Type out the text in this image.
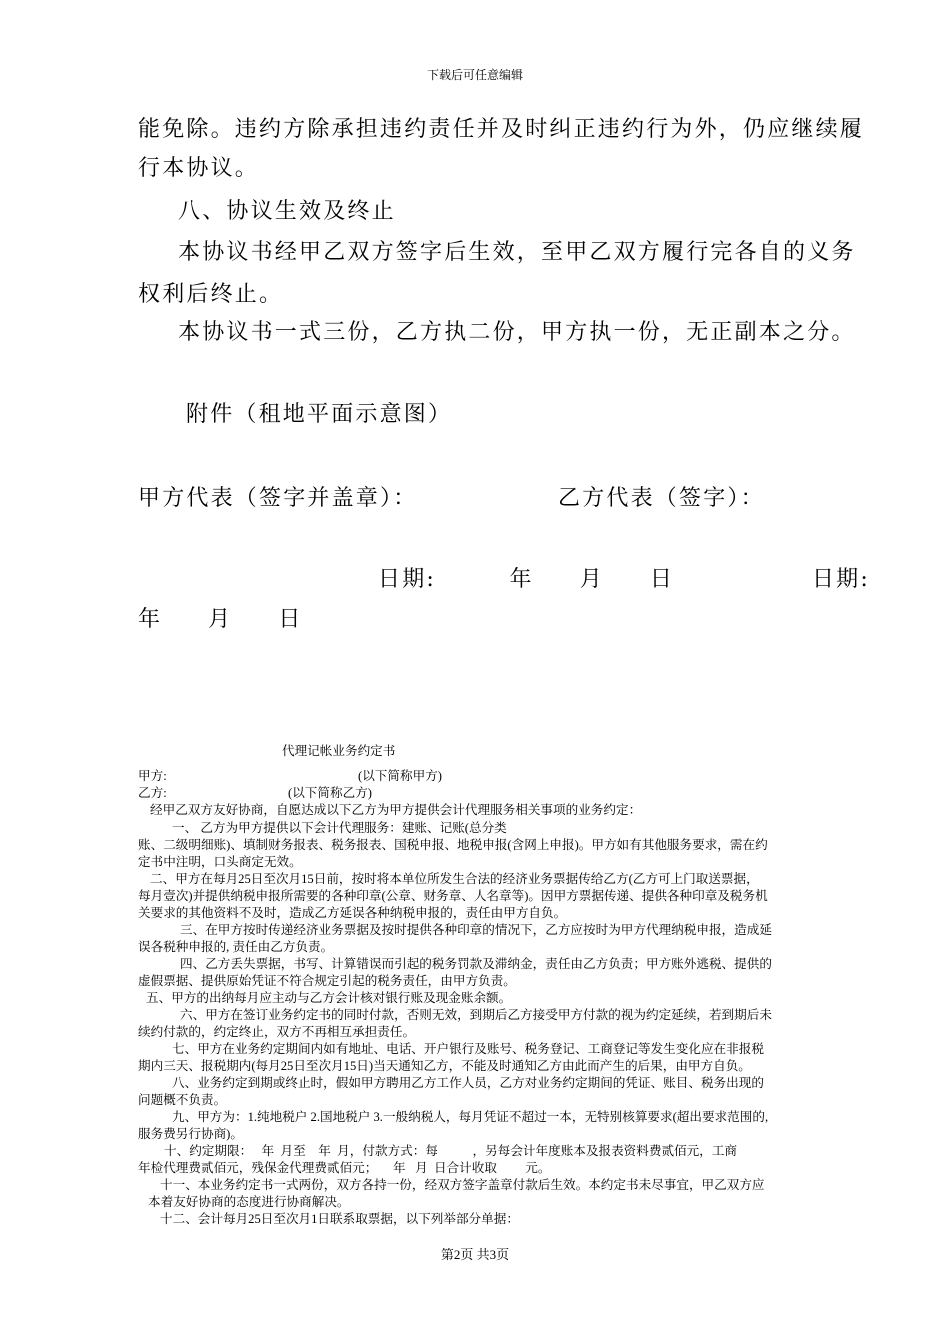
下载后可任意编辑
能免除。违约方除承担违约责任并及时纠正违约行为外，仍应继续履
行本协议。
八、协议生效及终止
本协议书经甲乙双方签字后生效，至甲乙双方履行完各自的义务
权利后终止。
本协议书一式三份，乙方执二份，甲方执一份，无正副本之分。
附件（租地平面示意图）
甲方代表（签字并盖章）：	乙方代表（签字）：
日期:        年     月     日               日期:
年     月     日
代理记帐业务约定书
甲方:	(以下简称甲方)
乙方:	(以下简称乙方)
经甲乙双方友好协商，自愿达成以下乙方为甲方提供会计代理服务相关事项的业务约定：
一、 乙方为甲方提供以下会计代理服务：建账、记账(总分类
账、二级明细账)、填制财务报表、税务报表、国税申报、地税申报(含网上申报)。甲方如有其他服务要求，需在约
定书中注明，口头商定无效。
二、甲方在每月25日至次月15日前，按时将本单位所发生合法的经济业务票据传给乙方(乙方可上门取送票据，
每月壹次)并提供纳税申报所需要的各种印章(公章、财务章、人名章等)。因甲方票据传递、提供各种印章及税务机
关要求的其他资料不及时，造成乙方延误各种纳税申报的，责任由甲方自负。
三、在甲方按时传递经济业务票据及按时提供各种印章的情况下，乙方应按时为甲方代理纳税申报，造成延
误各税种申报的, 责任由乙方负责。
四、乙方丢失票据，书写、计算错误而引起的税务罚款及滞纳金，责任由乙方负责；甲方账外逃税、提供的
虚假票据、提供原始凭证不符合规定引起的税务责任，由甲方负责。
五、甲方的出纳每月应主动与乙方会计核对银行账及现金账余额。
六、甲方在签订业务约定书的同时付款，否则无效，到期后乙方接受甲方付款的视为约定延续，若到期后未
续约付款的，约定终止，双方不再相互承担责任。
七、甲方在业务约定期间内如有地址、电话、开户银行及账号、税务登记、工商登记等发生变化应在非报税
期内三天、报税期内(每月25日至次月15日)当天通知乙方，不能及时通知乙方由此而产生的后果，由甲方自负。
八、业务约定到期或终止时，假如甲方聘用乙方工作人员，乙方对业务约定期间的凭证、账目、税务出现的
问题概不负责。
九、甲方为：1.纯地税户 2.国地税户 3.一般纳税人，每月凭证不超过一本，无特别核算要求(超出要求范围的,
服务费另行协商)。
十、约定期限：   年  月至    年  月，付款方式：每           ，另每会计年度账本及报表资料费贰佰元，工商
年检代理费贰佰元，残保金代理费贰佰元；     年   月  日合计收取         元。
十一、本业务约定书一式两份，双方各持一份，经双方签字盖章付款后生效。本约定书未尽事宜，甲乙双方应
本着友好协商的态度进行协商解决。
十二、会计每月25日至次月1日联系取票据，以下列举部分单据：
第2页 共3页
